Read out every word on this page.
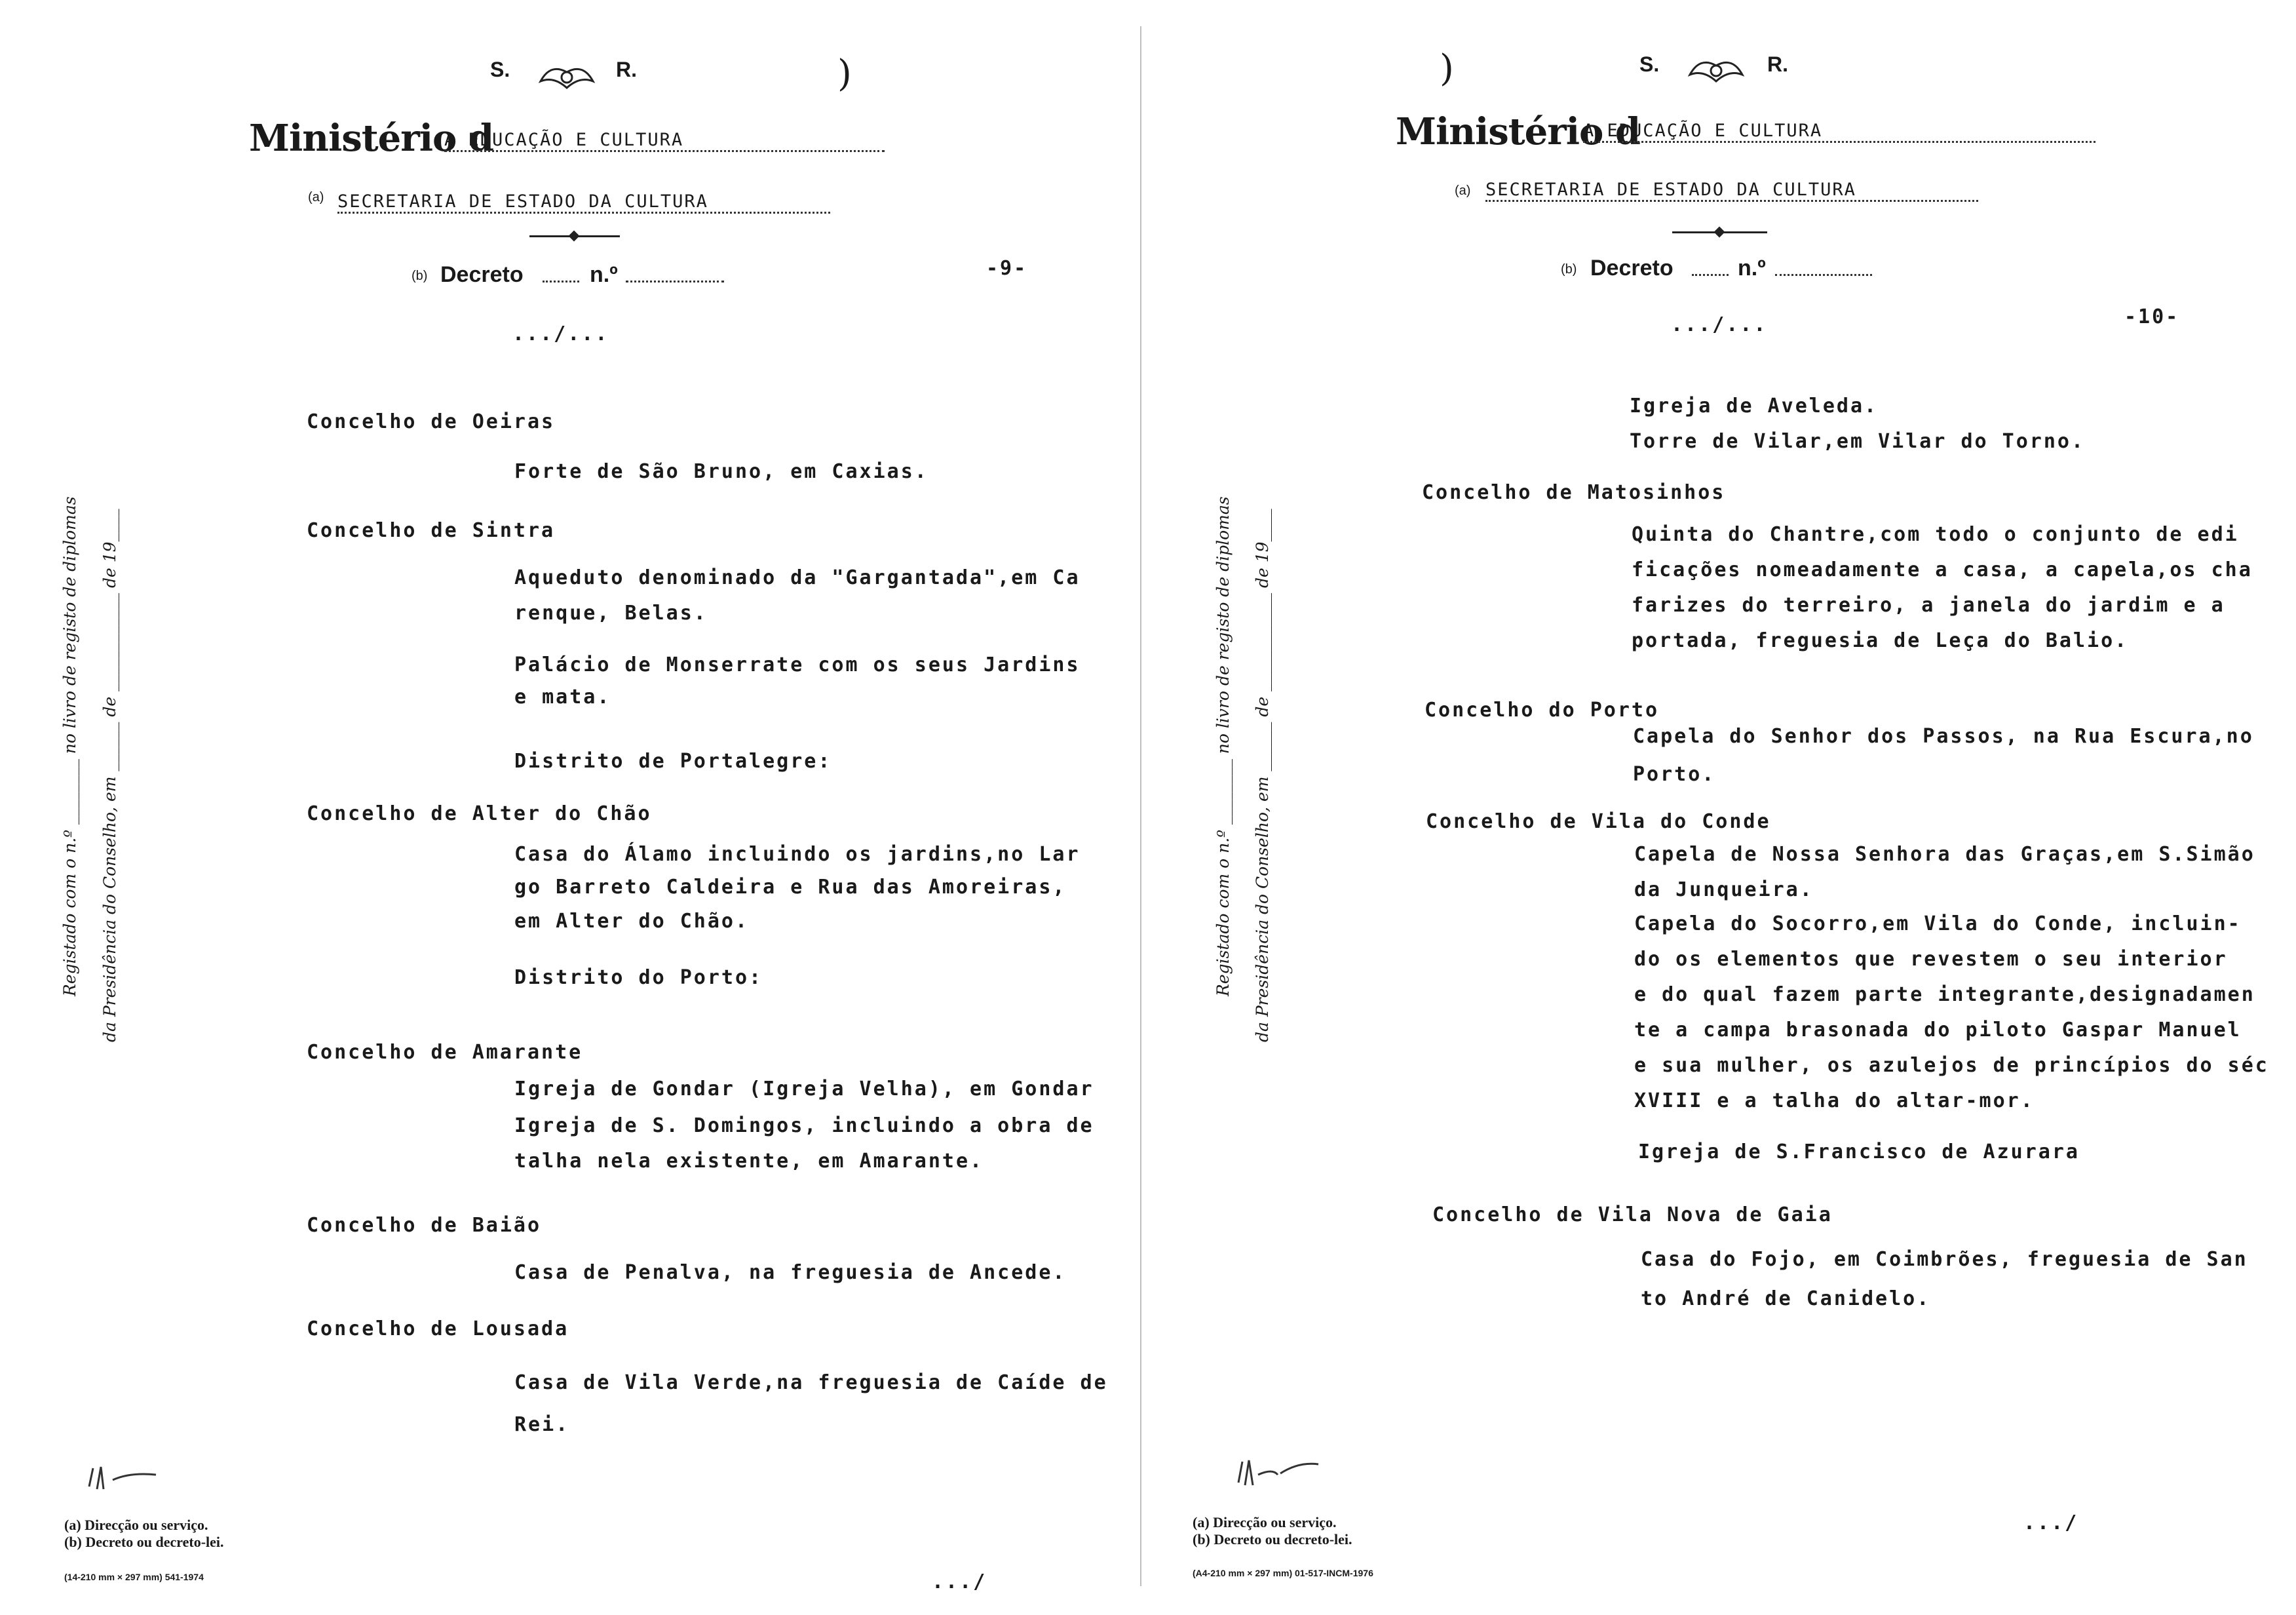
S.	R.	)
Ministério d
A EDUCAÇÃO E CULTURA
(a) SECRETARIA DE ESTADO DA CULTURA
(b) Decreto	n.º	-9-
.../...
Registado com o n.º ________ no livro de registo de diplomas da Presidência do Conselho, em ______ de ____________ de 19____
Concelho de Oeiras
Forte de São Bruno, em Caxias.
Concelho de Sintra
Aqueduto denominado da "Gargantada",em Ca
renque, Belas.
Palácio de Monserrate com os seus Jardins
e mata.
Distrito de Portalegre:
Concelho de Alter do Chão
Casa do Álamo incluindo os jardins,no Lar
go Barreto Caldeira e Rua das Amoreiras,
em Alter do Chão.
Distrito do Porto:
Concelho de Amarante
Igreja de Gondar (Igreja Velha), em Gondar
Igreja de S. Domingos, incluindo a obra de
talha nela existente, em Amarante.
Concelho de Baião
Casa de Penalva, na freguesia de Ancede.
Concelho de Lousada
Casa de Vila Verde,na freguesia de Caíde de
Rei.
(a) Direcção ou serviço.
(b) Decreto ou decreto-lei.
(14-210 mm × 297 mm) 541-1974	.../
)	S.	R.
Ministério d
A EDUCAÇÃO E CULTURA
(a) SECRETARIA DE ESTADO DA CULTURA
(b) Decreto	n.º
-10-
.../...
Registado com o n.º ________ no livro de registo de diplomas da Presidência do Conselho, em ______ de ____________ de 19____
Igreja de Aveleda.
Torre de Vilar,em Vilar do Torno.
Concelho de Matosinhos
Quinta do Chantre,com todo o conjunto de edi
ficações nomeadamente a casa, a capela,os cha
farizes do terreiro, a janela do jardim e a
portada, freguesia de Leça do Balio.
Concelho do Porto
Capela do Senhor dos Passos, na Rua Escura,no
Porto.
Concelho de Vila do Conde
Capela de Nossa Senhora das Graças,em S.Simão
da Junqueira.
Capela do Socorro,em Vila do Conde, incluin-
do os elementos que revestem o seu interior
e do qual fazem parte integrante,designadamen
te a campa brasonada do piloto Gaspar Manuel
e sua mulher, os azulejos de princípios do séc
XVIII e a talha do altar-mor.
Igreja de S.Francisco de Azurara
Concelho de Vila Nova de Gaia
Casa do Fojo, em Coimbrões, freguesia de San
to André de Canidelo.
(a) Direcção ou serviço.
(b) Decreto ou decreto-lei.
(A4-210 mm × 297 mm) 01-517-INCM-1976
.../
